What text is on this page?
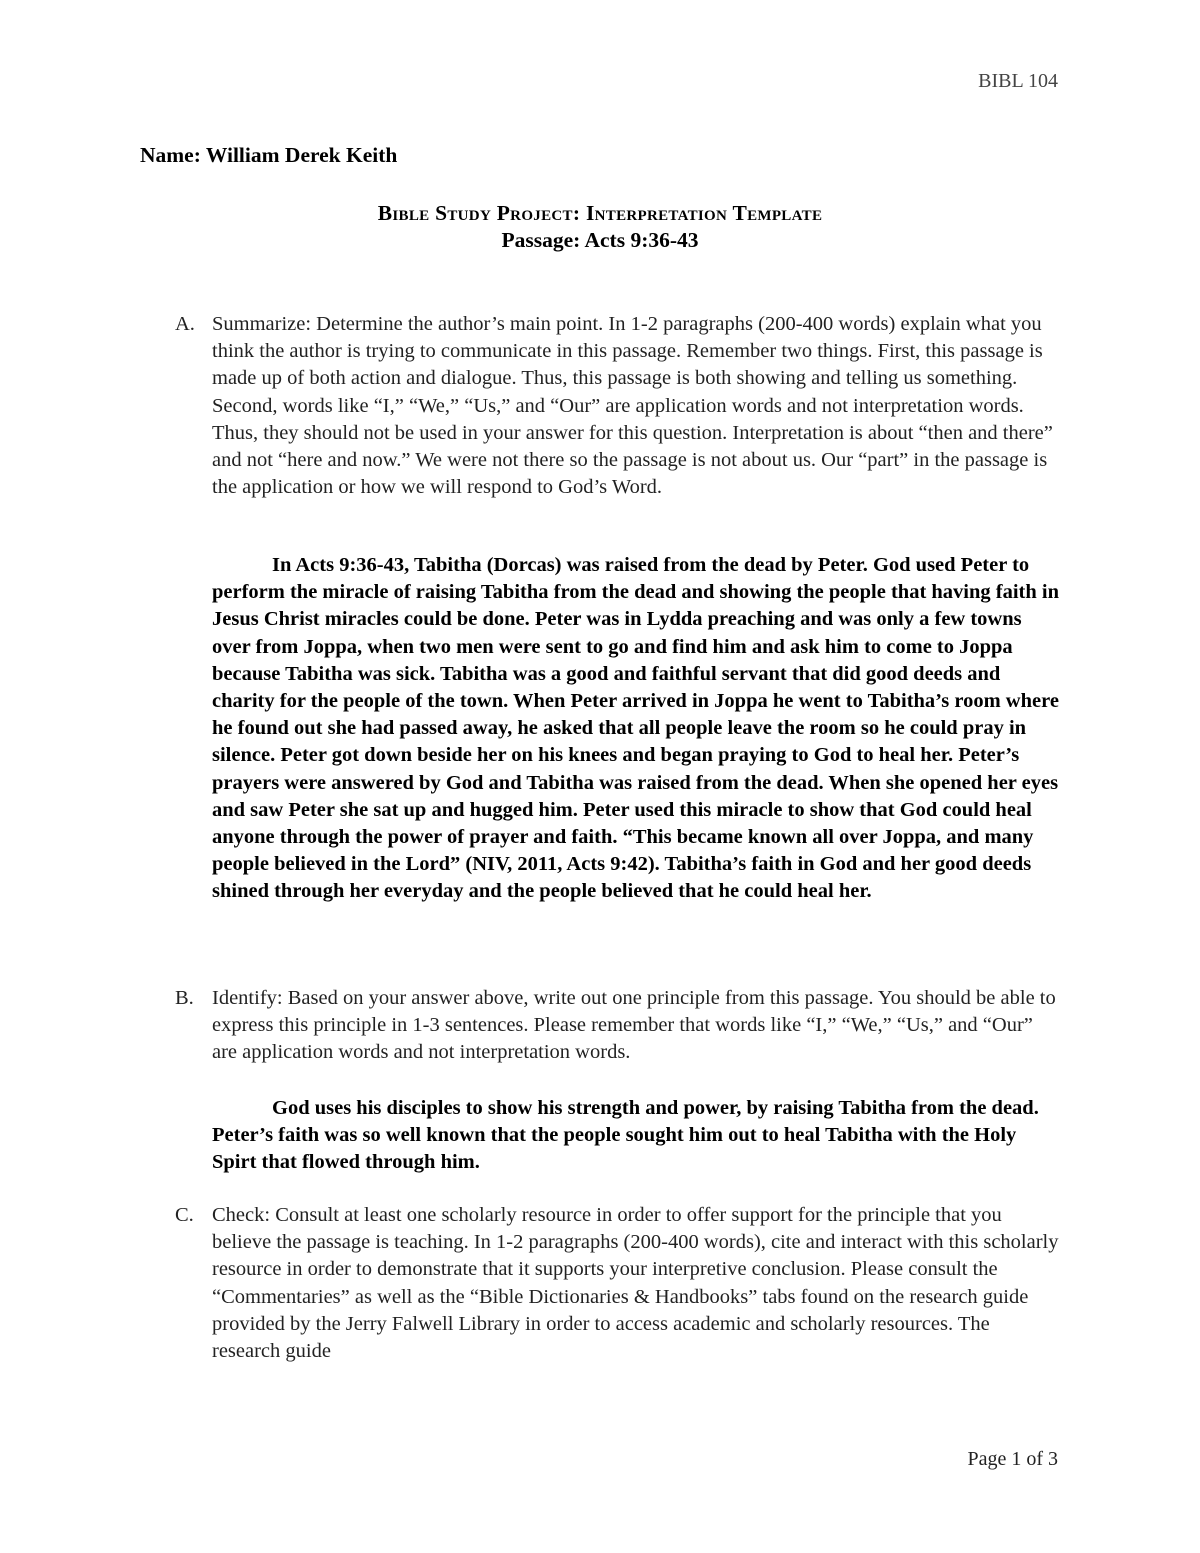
BIBL 104
Name: William Derek Keith
Bible Study Project: Interpretation Template
Passage: Acts 9:36-43
A. Summarize: Determine the author’s main point. In 1-2 paragraphs (200-400 words) explain what you think the author is trying to communicate in this passage. Remember two things. First, this passage is made up of both action and dialogue. Thus, this passage is both showing and telling us something. Second, words like “I,” “We,” “Us,” and “Our” are application words and not interpretation words. Thus, they should not be used in your answer for this question. Interpretation is about “then and there” and not “here and now.” We were not there so the passage is not about us. Our “part” in the passage is the application or how we will respond to God’s Word.
In Acts 9:36-43, Tabitha (Dorcas) was raised from the dead by Peter. God used Peter to perform the miracle of raising Tabitha from the dead and showing the people that having faith in Jesus Christ miracles could be done. Peter was in Lydda preaching and was only a few towns over from Joppa, when two men were sent to go and find him and ask him to come to Joppa because Tabitha was sick. Tabitha was a good and faithful servant that did good deeds and charity for the people of the town. When Peter arrived in Joppa he went to Tabitha’s room where he found out she had passed away, he asked that all people leave the room so he could pray in silence. Peter got down beside her on his knees and began praying to God to heal her. Peter’s prayers were answered by God and Tabitha was raised from the dead. When she opened her eyes and saw Peter she sat up and hugged him. Peter used this miracle to show that God could heal anyone through the power of prayer and faith. “This became known all over Joppa, and many people believed in the Lord” (NIV, 2011, Acts 9:42). Tabitha’s faith in God and her good deeds shined through her everyday and the people believed that he could heal her.
B. Identify: Based on your answer above, write out one principle from this passage. You should be able to express this principle in 1-3 sentences. Please remember that words like “I,” “We,” “Us,” and “Our” are application words and not interpretation words.
God uses his disciples to show his strength and power, by raising Tabitha from the dead. Peter’s faith was so well known that the people sought him out to heal Tabitha with the Holy Spirt that flowed through him.
C. Check: Consult at least one scholarly resource in order to offer support for the principle that you believe the passage is teaching. In 1-2 paragraphs (200-400 words), cite and interact with this scholarly resource in order to demonstrate that it supports your interpretive conclusion. Please consult the “Commentaries” as well as the “Bible Dictionaries & Handbooks” tabs found on the research guide provided by the Jerry Falwell Library in order to access academic and scholarly resources. The research guide
Page 1 of 3
